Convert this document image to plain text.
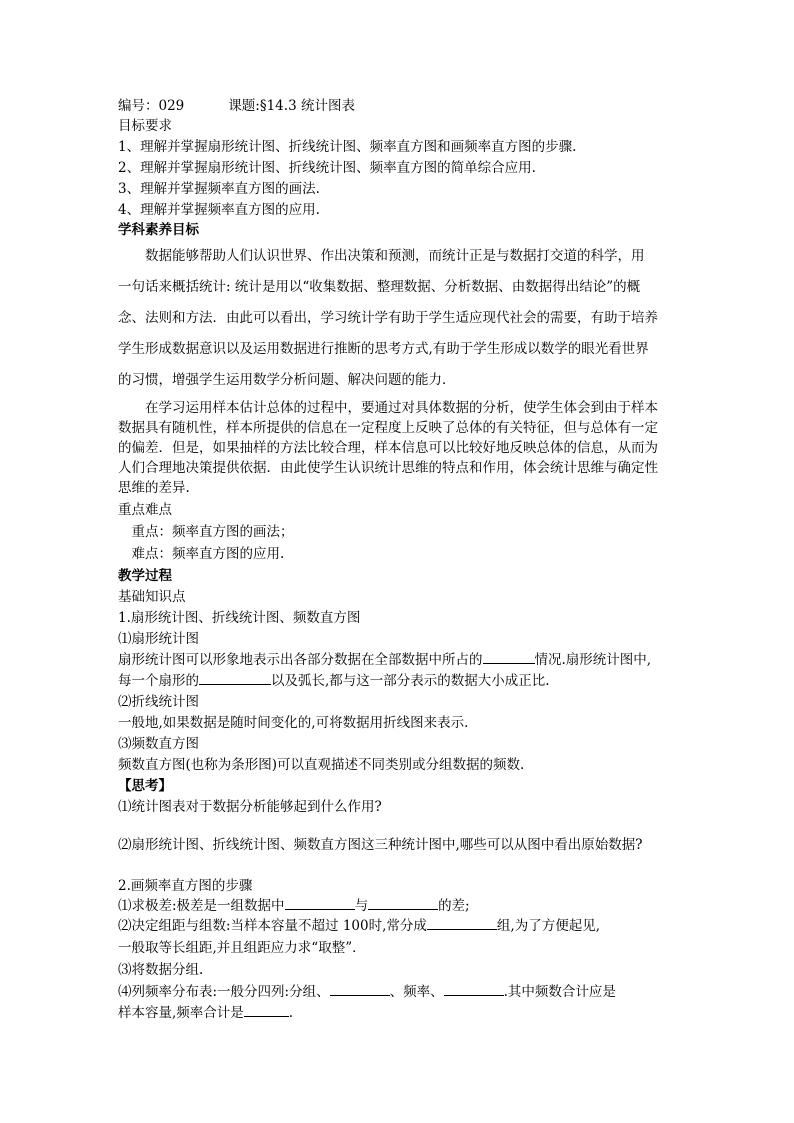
编号：029	课题:§14.3 统计图表
目标要求
1、理解并掌握扇形统计图、折线统计图、频率直方图和画频率直方图的步骤.
2、理解并掌握扇形统计图、折线统计图、频率直方图的简单综合应用.
3、理解并掌握频率直方图的画法.
4、理解并掌握频率直方图的应用.
学科素养目标
　　数据能够帮助人们认识世界、作出决策和预测，而统计正是与数据打交道的科学，用
一句话来概括统计: 统计是用以“收集数据、整理数据、分析数据、由数据得出结论”的概
念、法则和方法．由此可以看出，学习统计学有助于学生适应现代社会的需要，有助于培养
学生形成数据意识以及运用数据进行推断的思考方式,有助于学生形成以数学的眼光看世界
的习惯，增强学生运用数学分析问题、解决问题的能力．
　　在学习运用样本估计总体的过程中，要通过对具体数据的分析，使学生体会到由于样本
数据具有随机性，样本所提供的信息在一定程度上反映了总体的有关特征，但与总体有一定
的偏差．但是，如果抽样的方法比较合理，样本信息可以比较好地反映总体的信息，从而为
人们合理地决策提供依据．由此使学生认识统计思维的特点和作用，体会统计思维与确定性
思维的差异.
重点难点
　重点：频率直方图的画法；
　难点：频率直方图的应用.
教学过程
基础知识点
1.扇形统计图、折线统计图、频数直方图
⑴扇形统计图
扇形统计图可以形象地表示出各部分数据在全部数据中所占的	情况.扇形统计图中,
每一个扇形的	以及弧长,都与这一部分表示的数据大小成正比.
⑵折线统计图
一般地,如果数据是随时间变化的,可将数据用折线图来表示.
⑶频数直方图
频数直方图(也称为条形图)可以直观描述不同类别或分组数据的频数.
【思考】
⑴统计图表对于数据分析能够起到什么作用?
⑵扇形统计图、折线统计图、频数直方图这三种统计图中,哪些可以从图中看出原始数据?
2.画频率直方图的步骤
⑴求极差:极差是一组数据中	与	的差;
⑵决定组距与组数:当样本容量不超过 100时,常分成	组,为了方便起见,
一般取等长组距,并且组距应力求“取整”．
⑶将数据分组.
⑷列频率分布表:一般分四列:分组、	、频率、	.其中频数合计应是
样本容量,频率合计是	.
